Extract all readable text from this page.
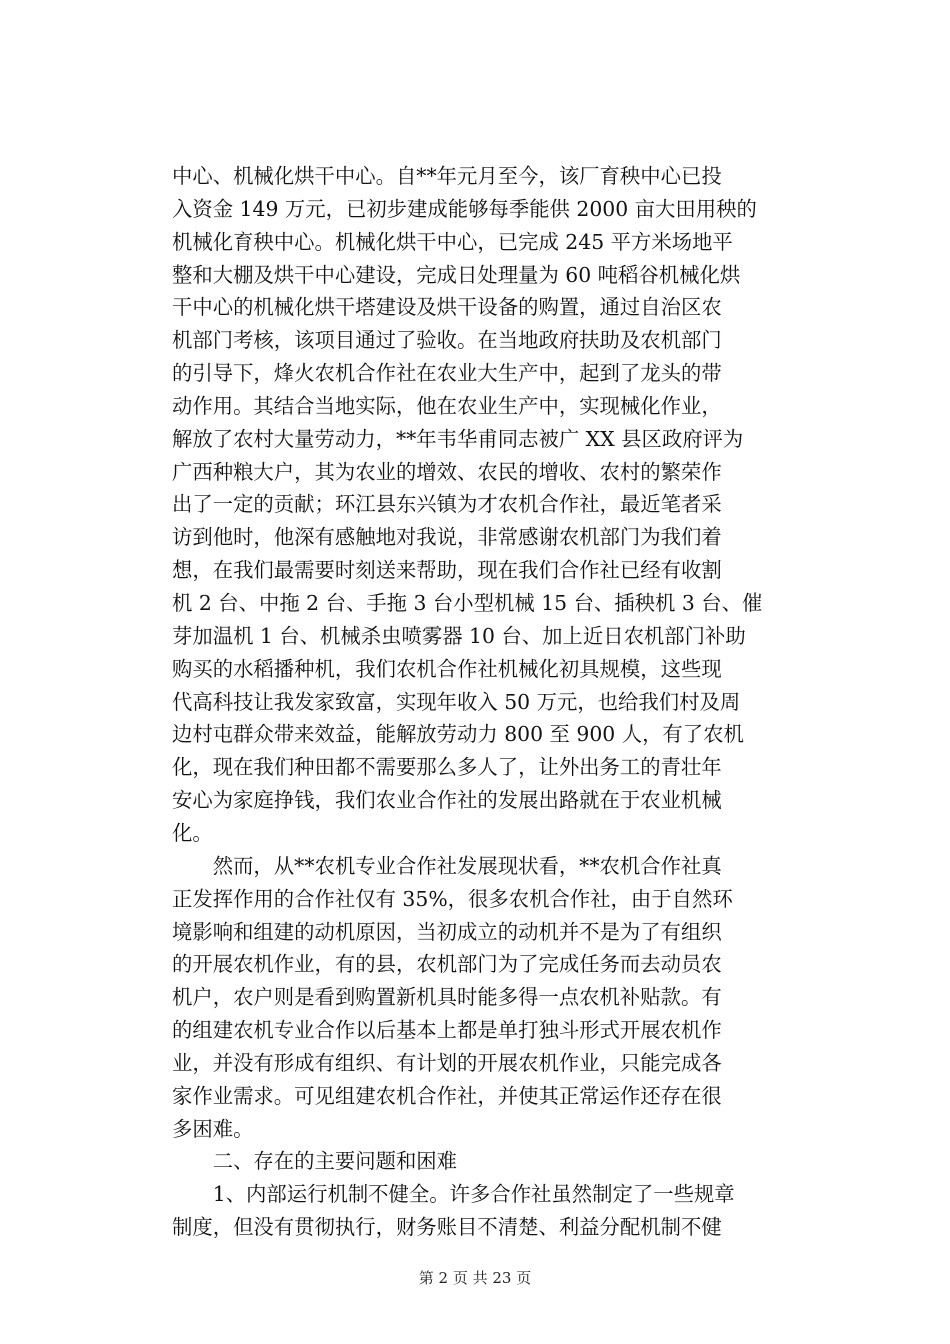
中心、机械化烘干中心。自**年元月至今，该厂育秧中心已投
入资金 149 万元，已初步建成能够每季能供 2000 亩大田用秧的
机械化育秧中心。机械化烘干中心，已完成 245 平方米场地平
整和大棚及烘干中心建设，完成日处理量为 60 吨稻谷机械化烘
干中心的机械化烘干塔建设及烘干设备的购置，通过自治区农
机部门考核，该项目通过了验收。在当地政府扶助及农机部门
的引导下，烽火农机合作社在农业大生产中，起到了龙头的带
动作用。其结合当地实际，他在农业生产中，实现械化作业，
解放了农村大量劳动力，**年韦华甫同志被广 XX 县区政府评为
广西种粮大户，其为农业的增效、农民的增收、农村的繁荣作
出了一定的贡献；环江县东兴镇为才农机合作社，最近笔者采
访到他时，他深有感触地对我说，非常感谢农机部门为我们着
想，在我们最需要时刻送来帮助，现在我们合作社已经有收割
机 2 台、中拖 2 台、手拖 3 台小型机械 15 台、插秧机 3 台、催
芽加温机 1 台、机械杀虫喷雾器 10 台、加上近日农机部门补助
购买的水稻播种机，我们农机合作社机械化初具规模，这些现
代高科技让我发家致富，实现年收入 50 万元，也给我们村及周
边村屯群众带来效益，能解放劳动力 800 至 900 人，有了农机
化，现在我们种田都不需要那么多人了，让外出务工的青壮年
安心为家庭挣钱，我们农业合作社的发展出路就在于农业机械
化。
　　然而，从**农机专业合作社发展现状看，**农机合作社真
正发挥作用的合作社仅有 35%，很多农机合作社，由于自然环
境影响和组建的动机原因，当初成立的动机并不是为了有组织
的开展农机作业，有的县，农机部门为了完成任务而去动员农
机户，农户则是看到购置新机具时能多得一点农机补贴款。有
的组建农机专业合作以后基本上都是单打独斗形式开展农机作
业，并没有形成有组织、有计划的开展农机作业，只能完成各
家作业需求。可见组建农机合作社，并使其正常运作还存在很
多困难。
　　二、存在的主要问题和困难
　　1、内部运行机制不健全。许多合作社虽然制定了一些规章
制度，但没有贯彻执行，财务账目不清楚、利益分配机制不健
第 2 页 共 23 页
